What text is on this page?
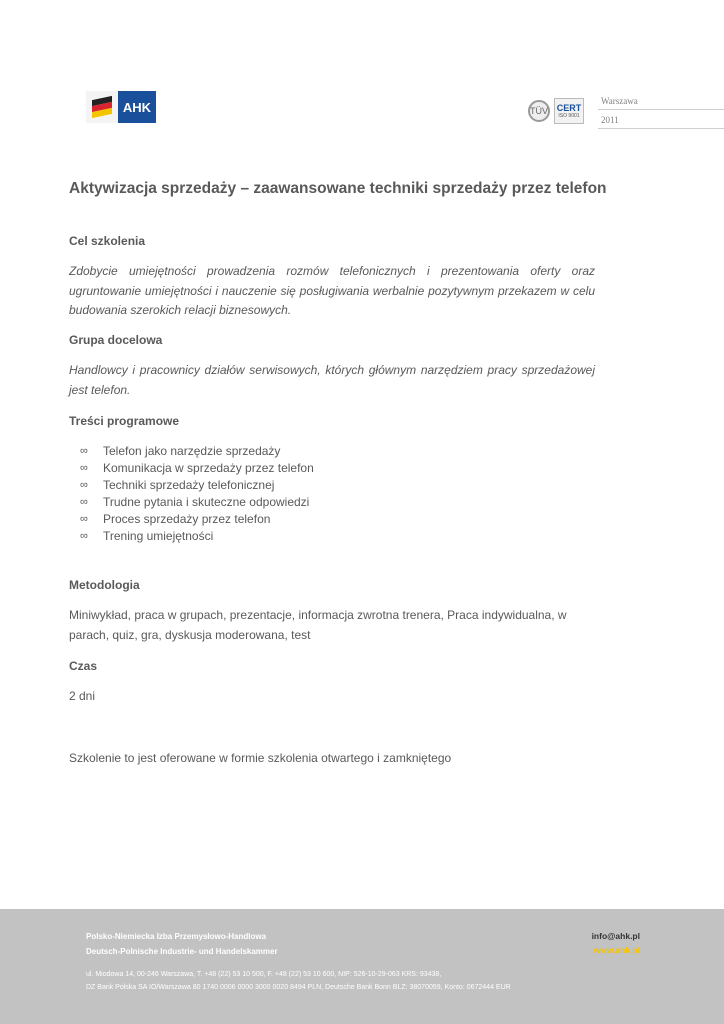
AHK	TÜV CERT
ISO 9001
Warszawa
2011
Aktywizacja sprzedaży – zaawansowane techniki sprzedaży przez telefon
Cel szkolenia
Zdobycie umiejętności prowadzenia rozmów telefonicznych i prezentowania oferty oraz ugruntowanie umiejętności i nauczenie się posługiwania werbalnie pozytywnym przekazem w celu budowania szerokich relacji biznesowych.
Grupa docelowa
Handlowcy i pracownicy działów serwisowych, których głównym narzędziem pracy sprzedażowej jest telefon.
Treści programowe
∞	Telefon jako narzędzie sprzedaży
∞	Komunikacja w sprzedaży przez telefon
∞	Techniki sprzedaży telefonicznej
∞	Trudne pytania i skuteczne odpowiedzi
∞	Proces sprzedaży przez telefon
∞	Trening umiejętności
Metodologia
Miniwykład, praca w grupach, prezentacje, informacja zwrotna trenera, Praca indywidualna, w parach, quiz, gra, dyskusja moderowana, test
Czas
2 dni
Szkolenie to jest oferowane w formie szkolenia otwartego i zamkniętego
Polsko-Niemiecka Izba Przemysłowo-Handlowa
Deutsch-Polnische Industrie- und Handelskammer
info@ahk.pl
www.ahk.pl
ul. Miodowa 14, 00-246 Warszawa, T. +48 (22) 53 10 500, F. +48 (22) 53 10 600, NIP: 526-10-29-063 KRS: 93438,
DZ Bank Polska SA IO/Warszawa 80 1740 0006 0000 3000 0020 8494 PLN, Deutsche Bank Bonn BLZ: 38070059, Konto: 0672444 EUR
